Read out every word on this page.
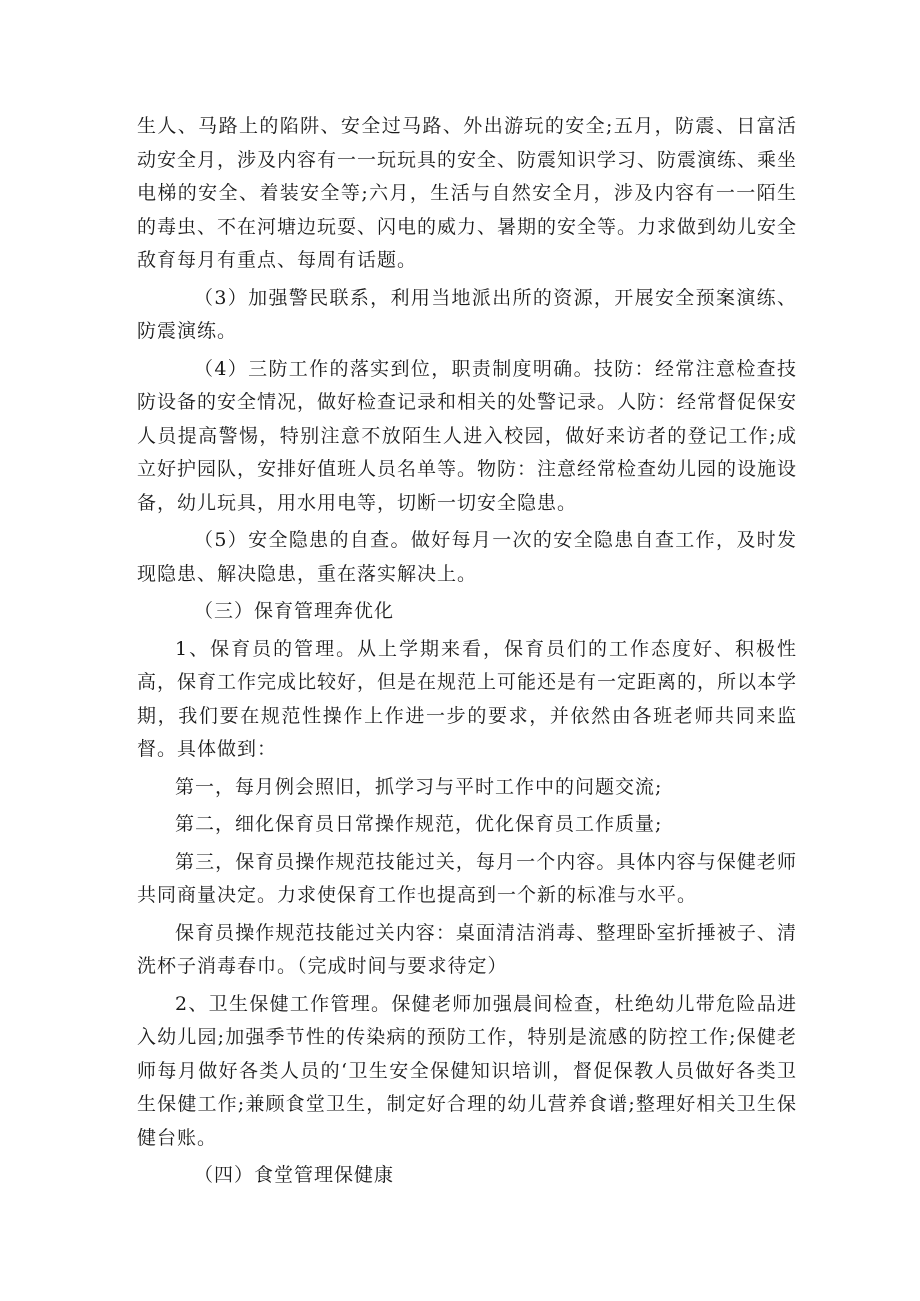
生人、马路上的陷阱、安全过马路、外出游玩的安全;五月，防震、日富活动安全月，涉及内容有一一玩玩具的安全、防震知识学习、防震演练、乘坐电梯的安全、着装安全等;六月，生活与自然安全月，涉及内容有一一陌生的毒虫、不在河塘边玩耍、闪电的威力、暑期的安全等。力求做到幼儿安全敌育每月有重点、每周有话题。

（3）加强警民联系，利用当地派出所的资源，开展安全预案演练、防震演练。

（4）三防工作的落实到位，职责制度明确。技防：经常注意检查技防设备的安全情况，做好检查记录和相关的处警记录。人防：经常督促保安人员提高警惕，特别注意不放陌生人进入校园，做好来访者的登记工作;成立好护园队，安排好值班人员名单等。物防：注意经常检查幼儿园的设施设备，幼儿玩具，用水用电等，切断一切安全隐患。

（5）安全隐患的自查。做好每月一次的安全隐患自查工作，及时发现隐患、解决隐患，重在落实解决上。

（三）保育管理奔优化

1、保育员的管理。从上学期来看，保育员们的工作态度好、积极性高，保育工作完成比较好，但是在规范上可能还是有一定距离的，所以本学期，我们要在规范性操作上作进一步的要求，并依然由各班老师共同来监督。具体做到：

第一，每月例会照旧，抓学习与平时工作中的问题交流;

第二，细化保育员日常操作规范，优化保育员工作质量;

第三，保育员操作规范技能过关，每月一个内容。具体内容与保健老师共同商量决定。力求使保育工作也提高到一个新的标准与水平。

保育员操作规范技能过关内容：桌面清洁消毒、整理卧室折捶被子、清洗杯子消毒春巾。（完成时间与要求待定）

2、卫生保健工作管理。保健老师加强晨间检查，杜绝幼儿带危险品进入幼儿园;加强季节性的传染病的预防工作，特别是流感的防控工作;保健老师每月做好各类人员的‘卫生安全保健知识培训，督促保教人员做好各类卫生保健工作;兼顾食堂卫生，制定好合理的幼儿营养食谱;整理好相关卫生保健台账。

（四）食堂管理保健康
